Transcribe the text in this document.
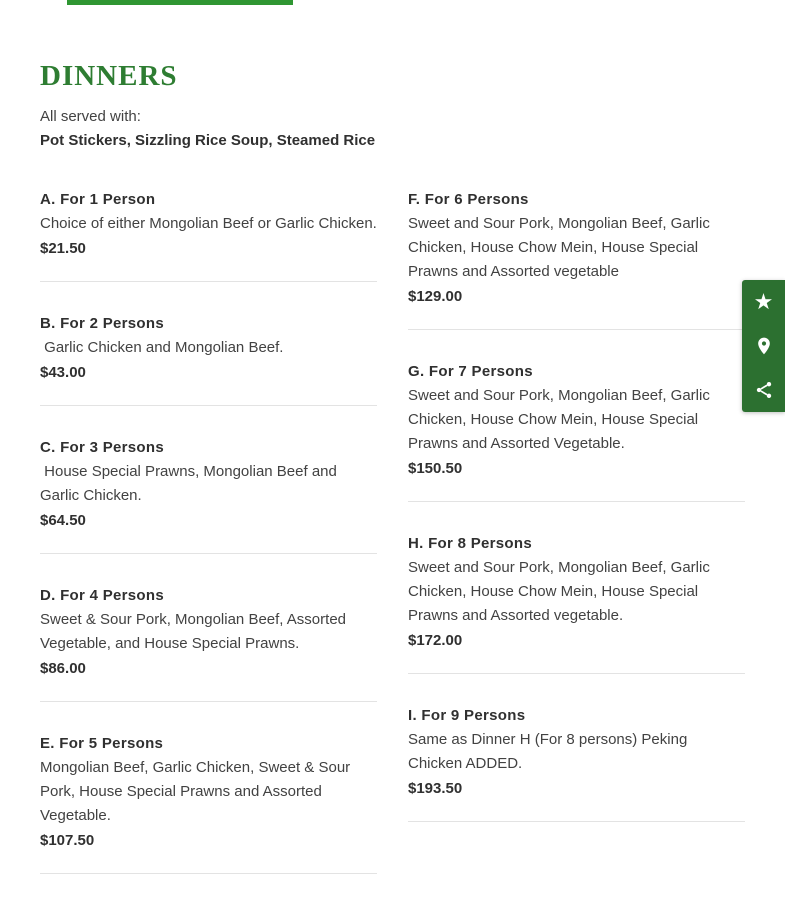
DINNERS

All served with:

Pot Stickers, Sizzling Rice Soup, Steamed Rice

A. For 1 Person

Choice of either Mongolian Beef or Garlic Chicken.

$21.50

B. For 2 Persons

Garlic Chicken and Mongolian Beef.

$43.00

C. For 3 Persons

House Special Prawns, Mongolian Beef and Garlic Chicken.

$64.50

D. For 4 Persons

Sweet & Sour Pork, Mongolian Beef, Assorted Vegetable, and House Special Prawns.

$86.00

E. For 5 Persons

Mongolian Beef, Garlic Chicken, Sweet & Sour Pork, House Special Prawns and Assorted Vegetable.

$107.50

F. For 6 Persons

Sweet and Sour Pork, Mongolian Beef, Garlic Chicken, House Chow Mein, House Special Prawns and Assorted vegetable

$129.00

G. For 7 Persons

Sweet and Sour Pork, Mongolian Beef, Garlic Chicken, House Chow Mein, House Special Prawns and Assorted Vegetable.

$150.50

H. For 8 Persons

Sweet and Sour Pork, Mongolian Beef, Garlic Chicken, House Chow Mein, House Special Prawns and Assorted vegetable.

$172.00

I. For 9 Persons

Same as Dinner H (For 8 persons) Peking Chicken ADDED.

$193.50

★
